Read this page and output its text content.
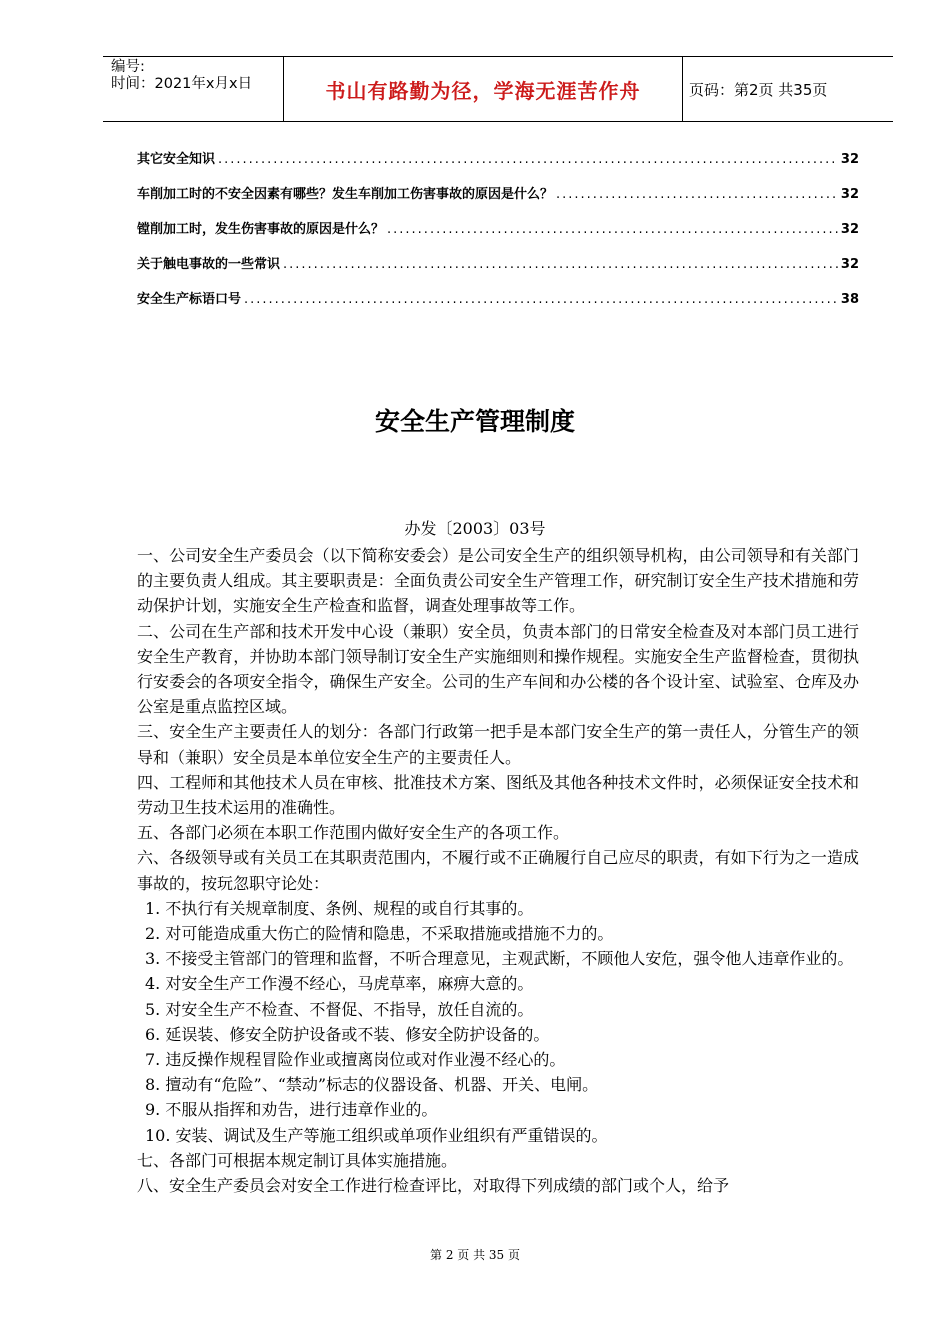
编号:
时间：2021年x月x日	书山有路勤为径，学海无涯苦作舟	页码：第2页 共35页
其它安全知识 .....	32
车削加工时的不安全因素有哪些？发生车削加工伤害事故的原因是什么？ .....	32
镗削加工时，发生伤害事故的原因是什么？ .....	32
关于触电事故的一些常识 .....	32
安全生产标语口号 .....	38
安全生产管理制度
办发〔2003〕03号

一、公司安全生产委员会（以下简称安委会）是公司安全生产的组织领导机构，由公司领导和有关部门的主要负责人组成。其主要职责是：全面负责公司安全生产管理工作，研究制订安全生产技术措施和劳动保护计划，实施安全生产检查和监督，调查处理事故等工作。

二、公司在生产部和技术开发中心设（兼职）安全员，负责本部门的日常安全检查及对本部门员工进行安全生产教育，并协助本部门领导制订安全生产实施细则和操作规程。实施安全生产监督检查，贯彻执行安委会的各项安全指令，确保生产安全。公司的生产车间和办公楼的各个设计室、试验室、仓库及办公室是重点监控区域。

三、安全生产主要责任人的划分：各部门行政第一把手是本部门安全生产的第一责任人，分管生产的领导和（兼职）安全员是本单位安全生产的主要责任人。

四、工程师和其他技术人员在审核、批准技术方案、图纸及其他各种技术文件时，必须保证安全技术和劳动卫生技术运用的准确性。

五、各部门必须在本职工作范围内做好安全生产的各项工作。

六、各级领导或有关员工在其职责范围内，不履行或不正确履行自己应尽的职责，有如下行为之一造成事故的，按玩忽职守论处：

1. 不执行有关规章制度、条例、规程的或自行其事的。

2. 对可能造成重大伤亡的险情和隐患，不采取措施或措施不力的。

3. 不接受主管部门的管理和监督，不听合理意见，主观武断，不顾他人安危，强令他人违章作业的。

4. 对安全生产工作漫不经心，马虎草率，麻痹大意的。

5. 对安全生产不检查、不督促、不指导，放任自流的。

6. 延误装、修安全防护设备或不装、修安全防护设备的。

7. 违反操作规程冒险作业或擅离岗位或对作业漫不经心的。

8. 擅动有“危险”、“禁动”标志的仪器设备、机器、开关、电闸。

9. 不服从指挥和劝告，进行违章作业的。

10. 安装、调试及生产等施工组织或单项作业组织有严重错误的。

七、各部门可根据本规定制订具体实施措施。

八、安全生产委员会对安全工作进行检查评比，对取得下列成绩的部门或个人，给予

第 2 页 共 35 页
